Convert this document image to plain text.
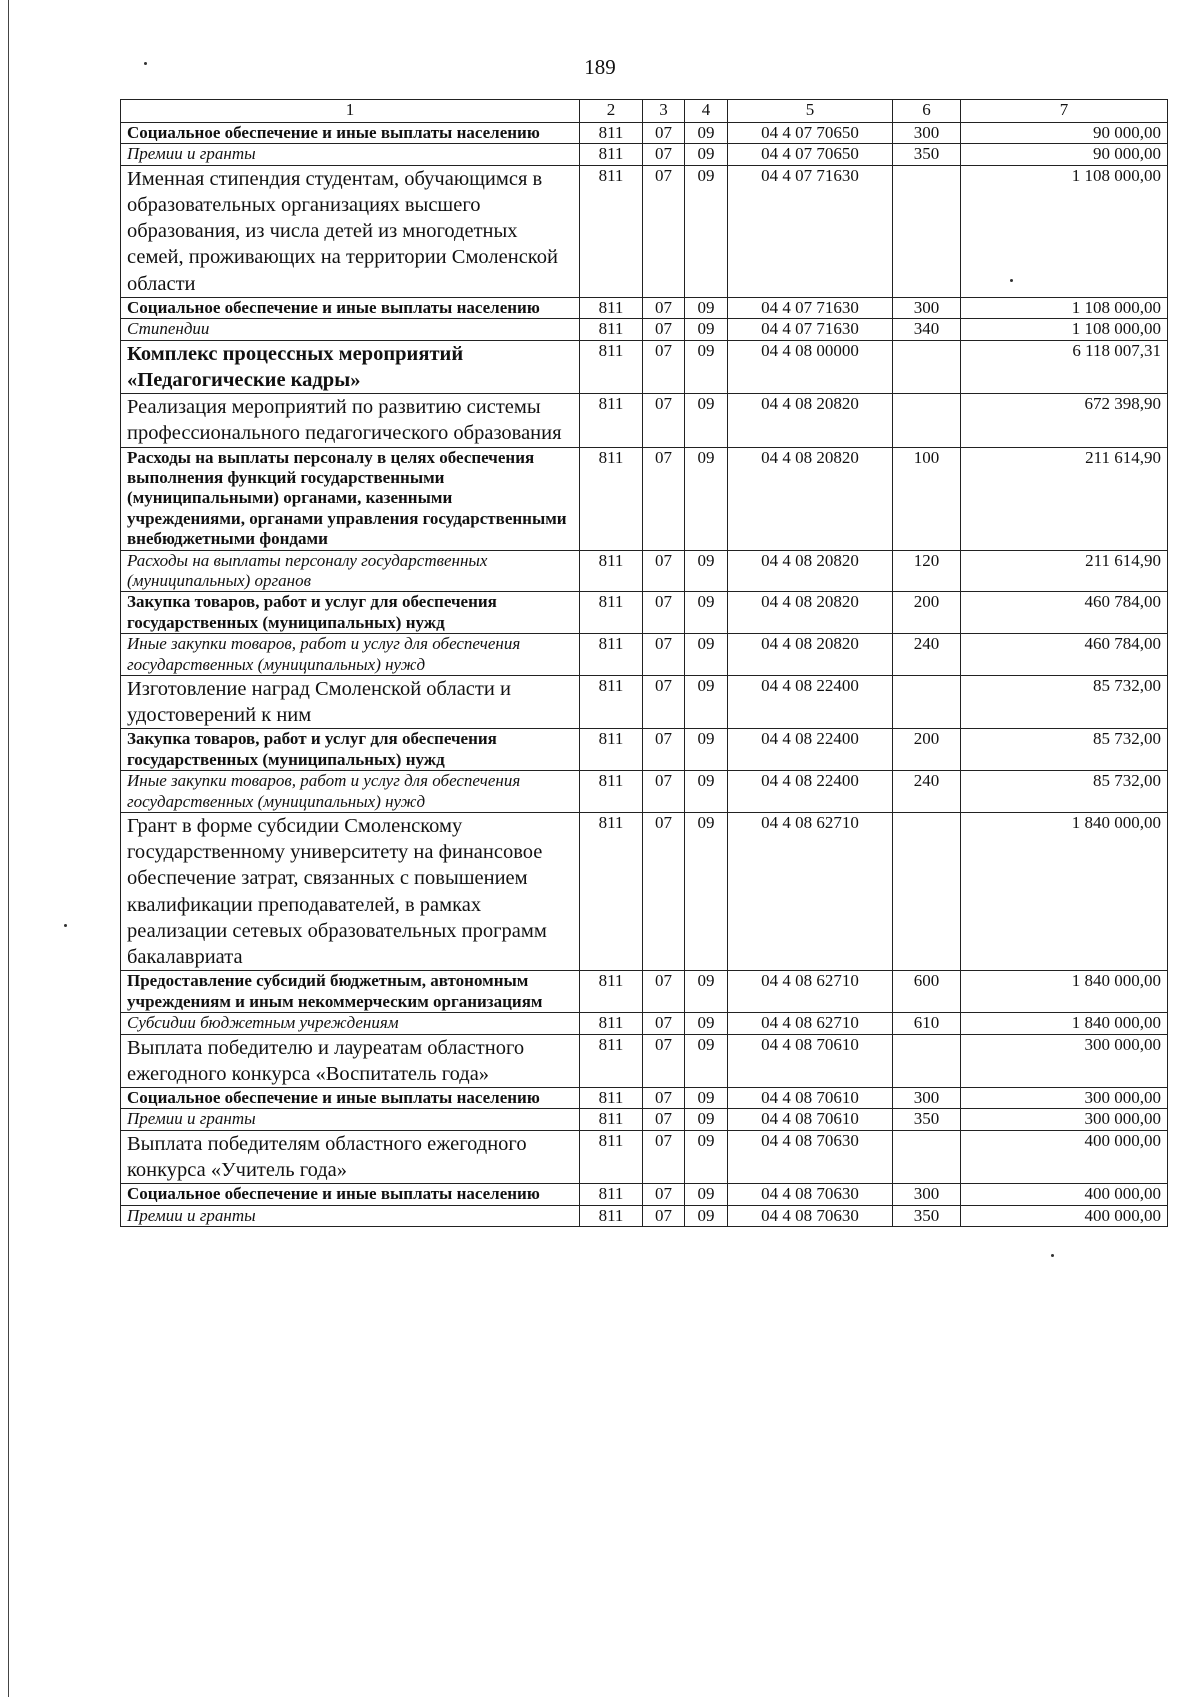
189
1	2	3	4	5	6	7
Социальное обеспечение и иные выплаты населению	811	07	09	04 4 07 70650	300	90 000,00
Премии и гранты	811	07	09	04 4 07 70650	350	90 000,00
Именная стипендия студентам, обучающимся в образовательных организациях высшего образования, из числа детей из многодетных семей, проживающих на территории Смоленской области	811	07	09	04 4 07 71630		1 108 000,00
Социальное обеспечение и иные выплаты населению	811	07	09	04 4 07 71630	300	1 108 000,00
Стипендии	811	07	09	04 4 07 71630	340	1 108 000,00
Комплекс процессных мероприятий «Педагогические кадры»	811	07	09	04 4 08 00000		6 118 007,31
Реализация мероприятий по развитию системы профессионального педагогического образования	811	07	09	04 4 08 20820		672 398,90
Расходы на выплаты персоналу в целях обеспечения выполнения функций государственными (муниципальными) органами, казенными учреждениями, органами управления государственными внебюджетными фондами	811	07	09	04 4 08 20820	100	211 614,90
Расходы на выплаты персоналу государственных (муниципальных) органов	811	07	09	04 4 08 20820	120	211 614,90
Закупка товаров, работ и услуг для обеспечения государственных (муниципальных) нужд	811	07	09	04 4 08 20820	200	460 784,00
Иные закупки товаров, работ и услуг для обеспечения государственных (муниципальных) нужд	811	07	09	04 4 08 20820	240	460 784,00
Изготовление наград Смоленской области и удостоверений к ним	811	07	09	04 4 08 22400		85 732,00
Закупка товаров, работ и услуг для обеспечения государственных (муниципальных) нужд	811	07	09	04 4 08 22400	200	85 732,00
Иные закупки товаров, работ и услуг для обеспечения государственных (муниципальных) нужд	811	07	09	04 4 08 22400	240	85 732,00
Грант в форме субсидии Смоленскому государственному университету на финансовое обеспечение затрат, связанных с повышением квалификации преподавателей, в рамках реализации сетевых образовательных программ бакалавриата	811	07	09	04 4 08 62710		1 840 000,00
Предоставление субсидий бюджетным, автономным учреждениям и иным некоммерческим организациям	811	07	09	04 4 08 62710	600	1 840 000,00
Субсидии бюджетным учреждениям	811	07	09	04 4 08 62710	610	1 840 000,00
Выплата победителю и лауреатам областного ежегодного конкурса «Воспитатель года»	811	07	09	04 4 08 70610		300 000,00
Социальное обеспечение и иные выплаты населению	811	07	09	04 4 08 70610	300	300 000,00
Премии и гранты	811	07	09	04 4 08 70610	350	300 000,00
Выплата победителям областного ежегодного конкурса «Учитель года»	811	07	09	04 4 08 70630		400 000,00
Социальное обеспечение и иные выплаты населению	811	07	09	04 4 08 70630	300	400 000,00
Премии и гранты	811	07	09	04 4 08 70630	350	400 000,00
